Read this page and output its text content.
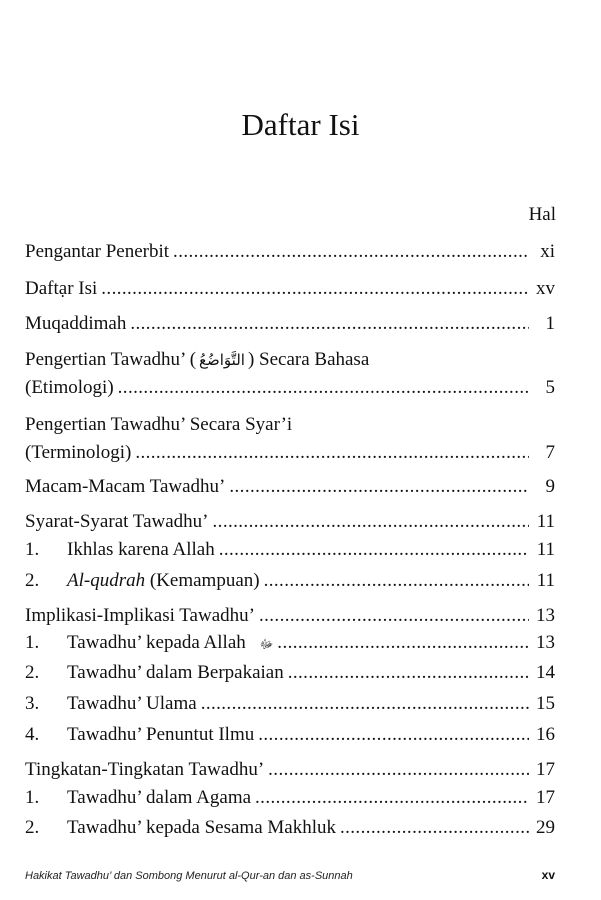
Daftar Isi
Hal
Pengantar Penerbit .....	xi
Daftạr Isi .....	xv
Muqaddimah .....	1
Pengertian Tawadhu’ ( التَّوَاضُعُ ) Secara Bahasa
(Etimologi) .....	5
Pengertian Tawadhu’ Secara Syar’i
(Terminologi) .....	7
Macam-Macam Tawadhu’ .....	9
Syarat-Syarat Tawadhu’ .....	11
1.	Ikhlas karena Allah .....	11
2.	Al-qudrah (Kemampuan) .....	11
Implikasi-Implikasi Tawadhu’ .....	13
1.	Tawadhu’ kepada Allah ﷻ .....	13
2.	Tawadhu’ dalam Berpakaian .....	14
3.	Tawadhu’ Ulama .....	15
4.	Tawadhu’ Penuntut Ilmu .....	16
Tingkatan-Tingkatan Tawadhu’ .....	17
1.	Tawadhu’ dalam Agama .....	17
2.	Tawadhu’ kepada Sesama Makhluk .....	29
Hakikat Tawadhu’ dan Sombong Menurut al-Qur-an dan as-Sunnah	xv
